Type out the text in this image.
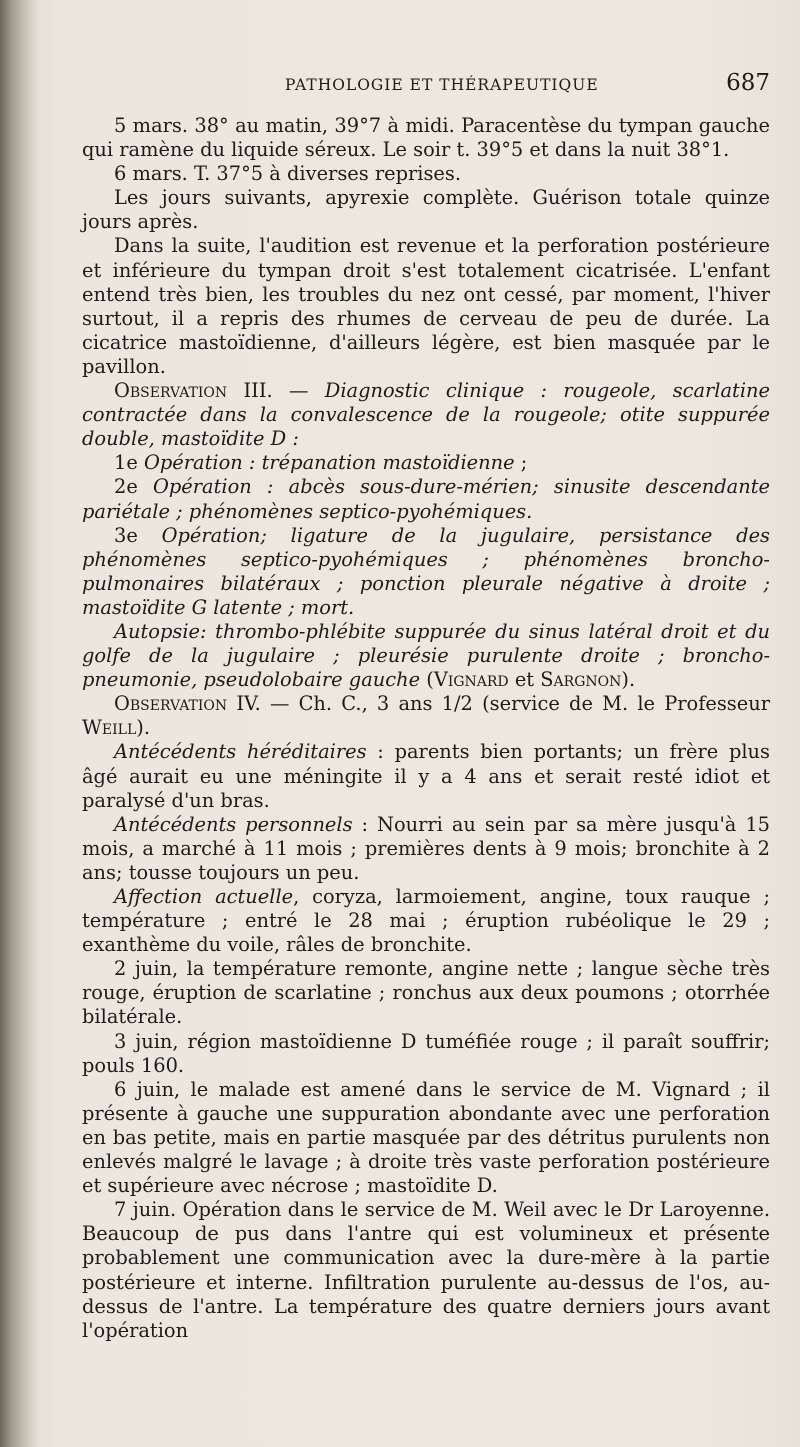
PATHOLOGIE ET THÉRAPEUTIQUE	687

5 mars. 38° au matin, 39°7 à midi. Paracentèse du tympan gauche qui ramène du liquide séreux. Le soir t. 39°5 et dans la nuit 38°1.

6 mars. T. 37°5 à diverses reprises.

Les jours suivants, apyrexie complète. Guérison totale quinze jours après.

Dans la suite, l'audition est revenue et la perforation postérieure et inférieure du tympan droit s'est totalement cicatrisée. L'enfant entend très bien, les troubles du nez ont cessé, par moment, l'hiver surtout, il a repris des rhumes de cerveau de peu de durée. La cicatrice mastoïdienne, d'ailleurs légère, est bien masquée par le pavillon.

Observation III. — Diagnostic clinique : rougeole, scarlatine contractée dans la convalescence de la rougeole; otite suppurée double, mastoïdite D :

1e Opération : trépanation mastoïdienne ;

2e Opération : abcès sous-dure-mérien; sinusite descendante pariétale ; phénomènes septico-pyohémiques.

3e Opération; ligature de la jugulaire, persistance des phénomènes septico-pyohémiques ; phénomènes broncho-pulmonaires bilatéraux ; ponction pleurale négative à droite ; mastoïdite G latente ; mort.

Autopsie: thrombo-phlébite suppurée du sinus latéral droit et du golfe de la jugulaire ; pleurésie purulente droite ; broncho-pneumonie, pseudolobaire gauche (Vignard et Sargnon).

Observation IV. — Ch. C., 3 ans 1/2 (service de M. le Professeur Weill).

Antécédents héréditaires : parents bien portants; un frère plus âgé aurait eu une méningite il y a 4 ans et serait resté idiot et paralysé d'un bras.

Antécédents personnels : Nourri au sein par sa mère jusqu'à 15 mois, a marché à 11 mois ; premières dents à 9 mois; bronchite à 2 ans; tousse toujours un peu.

Affection actuelle, coryza, larmoiement, angine, toux rauque ; température ; entré le 28 mai ; éruption rubéolique le 29 ; exanthème du voile, râles de bronchite.

2 juin, la température remonte, angine nette ; langue sèche très rouge, éruption de scarlatine ; ronchus aux deux poumons ; otorrhée bilatérale.

3 juin, région mastoïdienne D tuméfiée rouge ; il paraît souffrir; pouls 160.

6 juin, le malade est amené dans le service de M. Vignard ; il présente à gauche une suppuration abondante avec une perforation en bas petite, mais en partie masquée par des détritus purulents non enlevés malgré le lavage ; à droite très vaste perforation postérieure et supérieure avec nécrose ; mastoïdite D.

7 juin. Opération dans le service de M. Weil avec le Dr Laroyenne. Beaucoup de pus dans l'antre qui est volumineux et présente probablement une communication avec la dure-mère à la partie postérieure et interne. Infiltration purulente au-dessus de l'os, au-dessus de l'antre. La température des quatre derniers jours avant l'opération
